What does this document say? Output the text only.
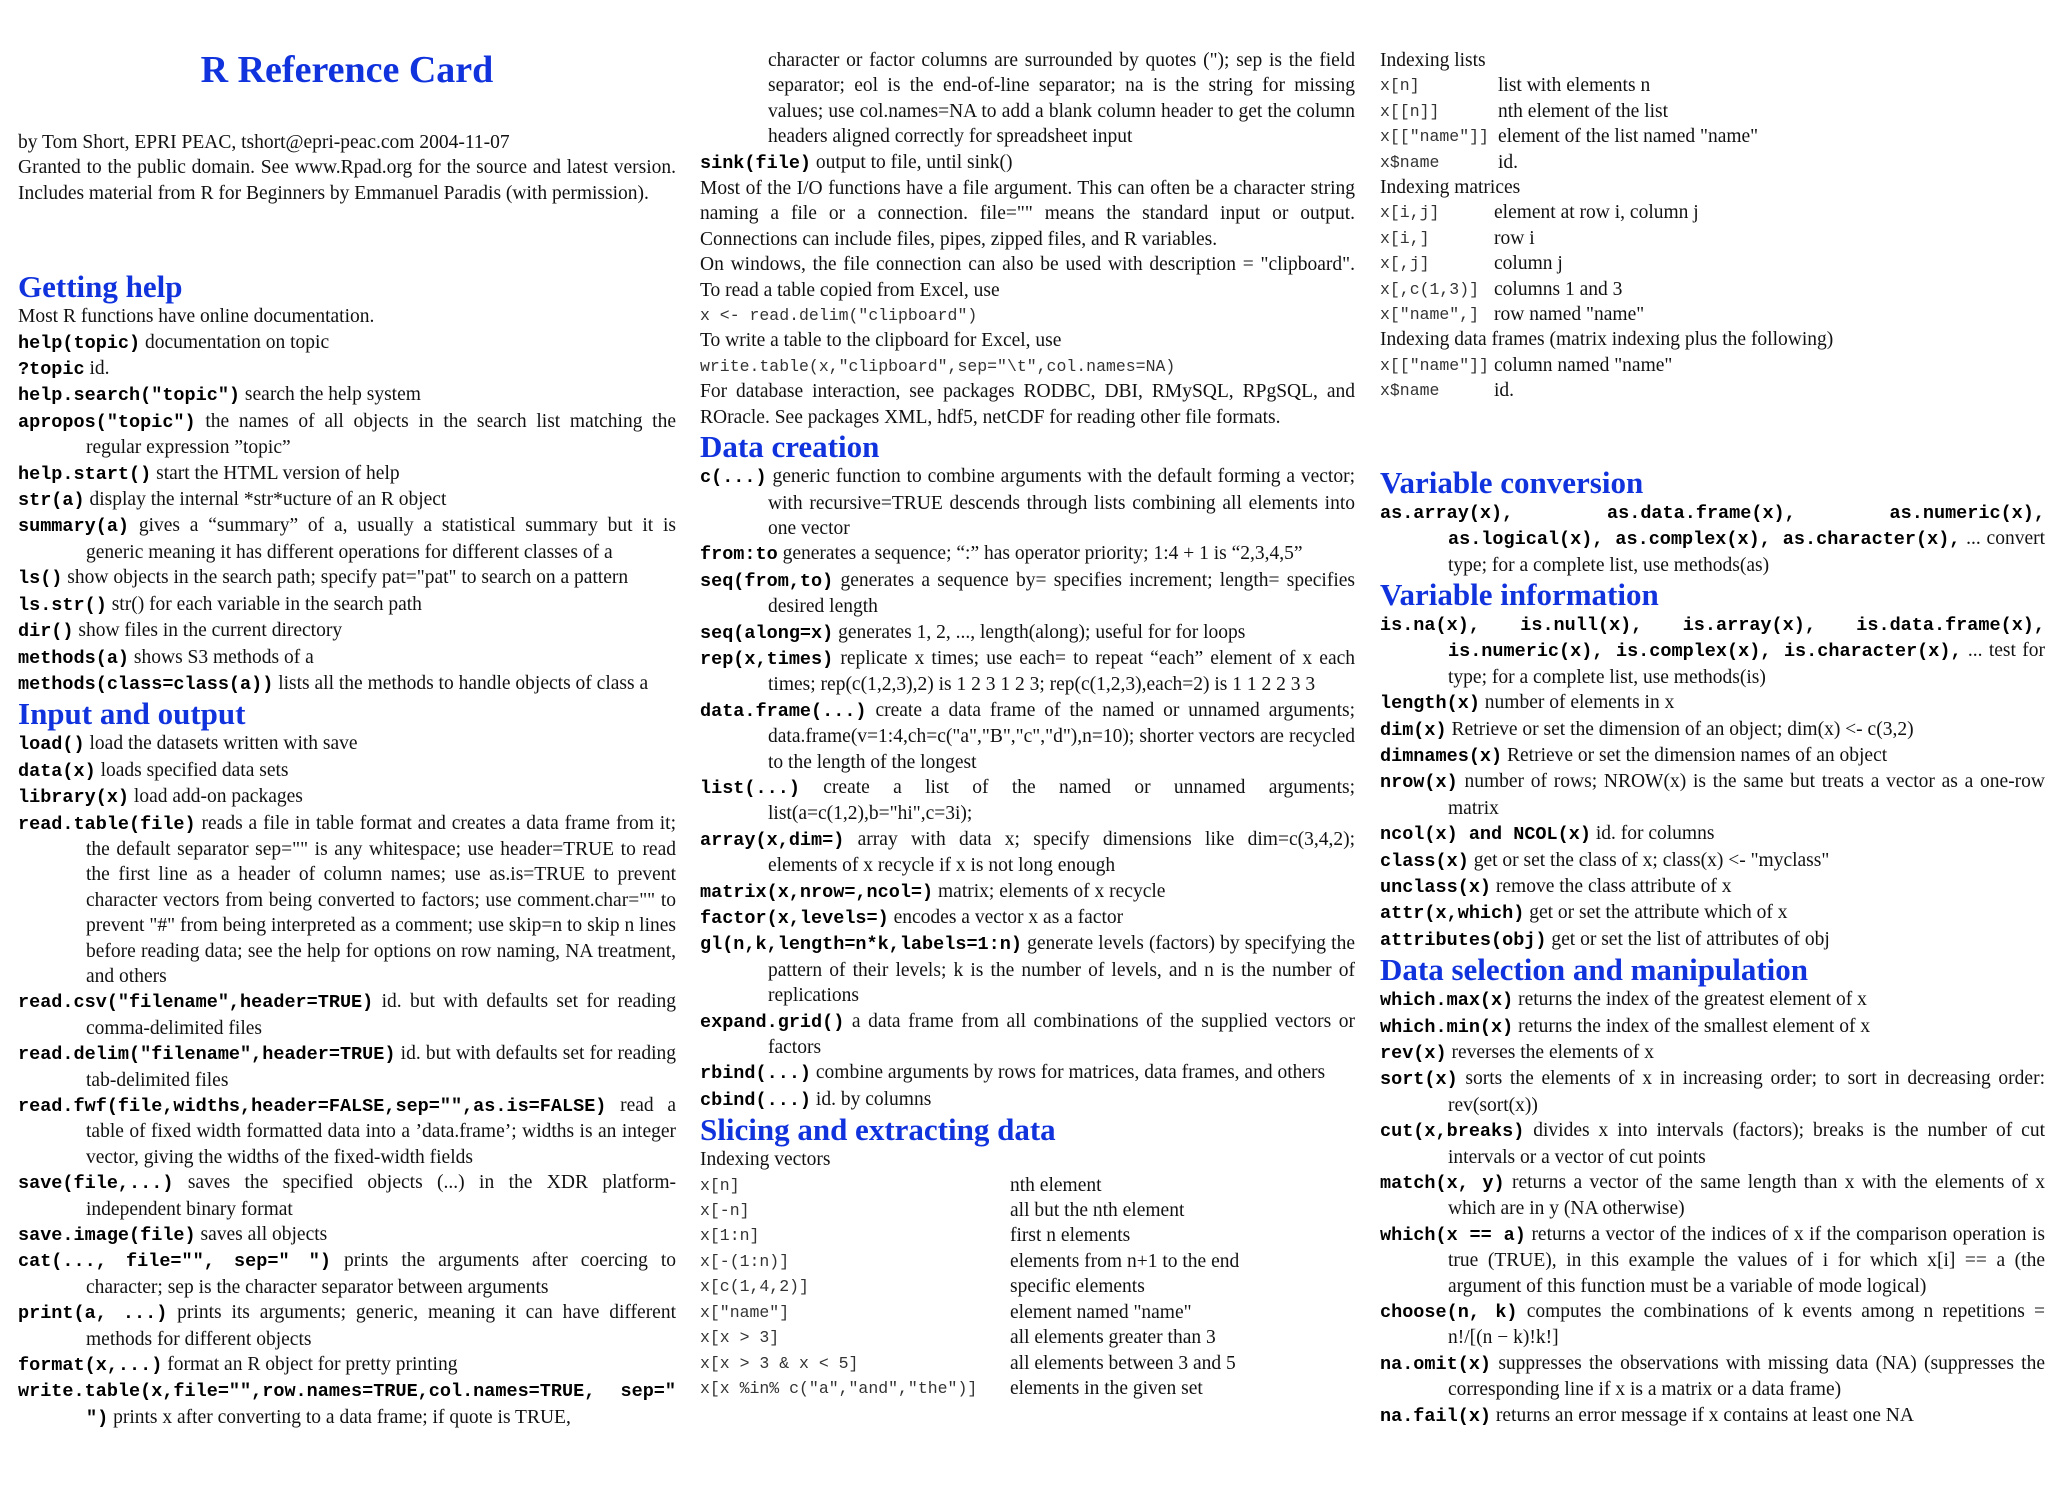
R Reference Card

by Tom Short, EPRI PEAC, tshort@epri-peac.com 2004-11-07

Granted to the public domain. See www.Rpad.org for the source and latest version. Includes material from R for Beginners by Emmanuel Paradis (with permission).

Getting help

Most R functions have online documentation.

help(topic) documentation on topic

?topic id.

help.search("topic") search the help system

apropos("topic") the names of all objects in the search list matching the regular expression ”topic”

help.start() start the HTML version of help

str(a) display the internal *str*ucture of an R object

summary(a) gives a “summary” of a, usually a statistical summary but it is generic meaning it has different operations for different classes of a

ls() show objects in the search path; specify pat="pat" to search on a pattern

ls.str() str() for each variable in the search path

dir() show files in the current directory

methods(a) shows S3 methods of a

methods(class=class(a)) lists all the methods to handle objects of class a

Input and output

load() load the datasets written with save

data(x) loads specified data sets

library(x) load add-on packages

read.table(file) reads a file in table format and creates a data frame from it; the default separator sep="" is any whitespace; use header=TRUE to read the first line as a header of column names; use as.is=TRUE to prevent character vectors from being converted to factors; use comment.char="" to prevent "#" from being interpreted as a comment; use skip=n to skip n lines before reading data; see the help for options on row naming, NA treatment, and others

read.csv("filename",header=TRUE) id. but with defaults set for reading comma-delimited files

read.delim("filename",header=TRUE) id. but with defaults set for reading tab-delimited files

read.fwf(file,widths,header=FALSE,sep="",as.is=FALSE) read a table of fixed width formatted data into a ’data.frame’; widths is an integer vector, giving the widths of the fixed-width fields

save(file,...) saves the specified objects (...) in the XDR platform-independent binary format

save.image(file) saves all objects

cat(..., file="", sep=" ") prints the arguments after coercing to character; sep is the character separator between arguments

print(a, ...) prints its arguments; generic, meaning it can have different methods for different objects

format(x,...) format an R object for pretty printing

write.table(x,file="",row.names=TRUE,col.names=TRUE, sep=" ") prints x after converting to a data frame; if quote is TRUE,

character or factor columns are surrounded by quotes ("); sep is the field separator; eol is the end-of-line separator; na is the string for missing values; use col.names=NA to add a blank column header to get the column headers aligned correctly for spreadsheet input

sink(file) output to file, until sink()

Most of the I/O functions have a file argument. This can often be a character string naming a file or a connection. file="" means the standard input or output. Connections can include files, pipes, zipped files, and R variables.

On windows, the file connection can also be used with description = "clipboard". To read a table copied from Excel, use

x <- read.delim("clipboard")

To write a table to the clipboard for Excel, use

write.table(x,"clipboard",sep="\t",col.names=NA)

For database interaction, see packages RODBC, DBI, RMySQL, RPgSQL, and ROracle. See packages XML, hdf5, netCDF for reading other file formats.

Data creation

c(...) generic function to combine arguments with the default forming a vector; with recursive=TRUE descends through lists combining all elements into one vector

from:to generates a sequence; “:” has operator priority; 1:4 + 1 is “2,3,4,5”

seq(from,to) generates a sequence by= specifies increment; length= specifies desired length

seq(along=x) generates 1, 2, ..., length(along); useful for for loops

rep(x,times) replicate x times; use each= to repeat “each” element of x each times; rep(c(1,2,3),2) is 1 2 3 1 2 3; rep(c(1,2,3),each=2) is 1 1 2 2 3 3

data.frame(...) create a data frame of the named or unnamed arguments; data.frame(v=1:4,ch=c("a","B","c","d"),n=10); shorter vectors are recycled to the length of the longest

list(...) create a list of the named or unnamed arguments; list(a=c(1,2),b="hi",c=3i);

array(x,dim=) array with data x; specify dimensions like dim=c(3,4,2); elements of x recycle if x is not long enough

matrix(x,nrow=,ncol=) matrix; elements of x recycle

factor(x,levels=) encodes a vector x as a factor

gl(n,k,length=n*k,labels=1:n) generate levels (factors) by specifying the pattern of their levels; k is the number of levels, and n is the number of replications

expand.grid() a data frame from all combinations of the supplied vectors or factors

rbind(...) combine arguments by rows for matrices, data frames, and others

cbind(...) id. by columns

Slicing and extracting data

Indexing vectors

x[n]	nth element
x[-n]	all but the nth element
x[1:n]	first n elements
x[-(1:n)]	elements from n+1 to the end
x[c(1,4,2)]	specific elements
x["name"]	element named "name"
x[x > 3]	all elements greater than 3
x[x > 3 & x < 5]	all elements between 3 and 5
x[x %in% c("a","and","the")]	elements in the given set

Indexing lists

x[n]	list with elements n
x[[n]]	nth element of the list
x[["name"]] element of the list named "name"
x$name	id.

Indexing matrices

x[i,j]	element at row i, column j
x[i,]	row i
x[,j]	column j
x[,c(1,3)] columns 1 and 3
x["name",] row named "name"

Indexing data frames (matrix indexing plus the following)

x[["name"]] column named "name"
x$name	id.
Variable conversion

as.array(x), as.data.frame(x), as.numeric(x), as.logical(x), as.complex(x), as.character(x), ... convert type; for a complete list, use methods(as)

Variable information

is.na(x), is.null(x), is.array(x), is.data.frame(x), is.numeric(x), is.complex(x), is.character(x), ... test for type; for a complete list, use methods(is)

length(x) number of elements in x

dim(x) Retrieve or set the dimension of an object; dim(x) <- c(3,2)

dimnames(x) Retrieve or set the dimension names of an object

nrow(x) number of rows; NROW(x) is the same but treats a vector as a one-row matrix

ncol(x) and NCOL(x) id. for columns

class(x) get or set the class of x; class(x) <- "myclass"

unclass(x) remove the class attribute of x

attr(x,which) get or set the attribute which of x

attributes(obj) get or set the list of attributes of obj

Data selection and manipulation

which.max(x) returns the index of the greatest element of x

which.min(x) returns the index of the smallest element of x

rev(x) reverses the elements of x

sort(x) sorts the elements of x in increasing order; to sort in decreasing order: rev(sort(x))

cut(x,breaks) divides x into intervals (factors); breaks is the number of cut intervals or a vector of cut points

match(x, y) returns a vector of the same length than x with the elements of x which are in y (NA otherwise)

which(x == a) returns a vector of the indices of x if the comparison operation is true (TRUE), in this example the values of i for which x[i] == a (the argument of this function must be a variable of mode logical)

choose(n, k) computes the combinations of k events among n repetitions = n!/[(n − k)!k!]

na.omit(x) suppresses the observations with missing data (NA) (suppresses the corresponding line if x is a matrix or a data frame)

na.fail(x) returns an error message if x contains at least one NA
